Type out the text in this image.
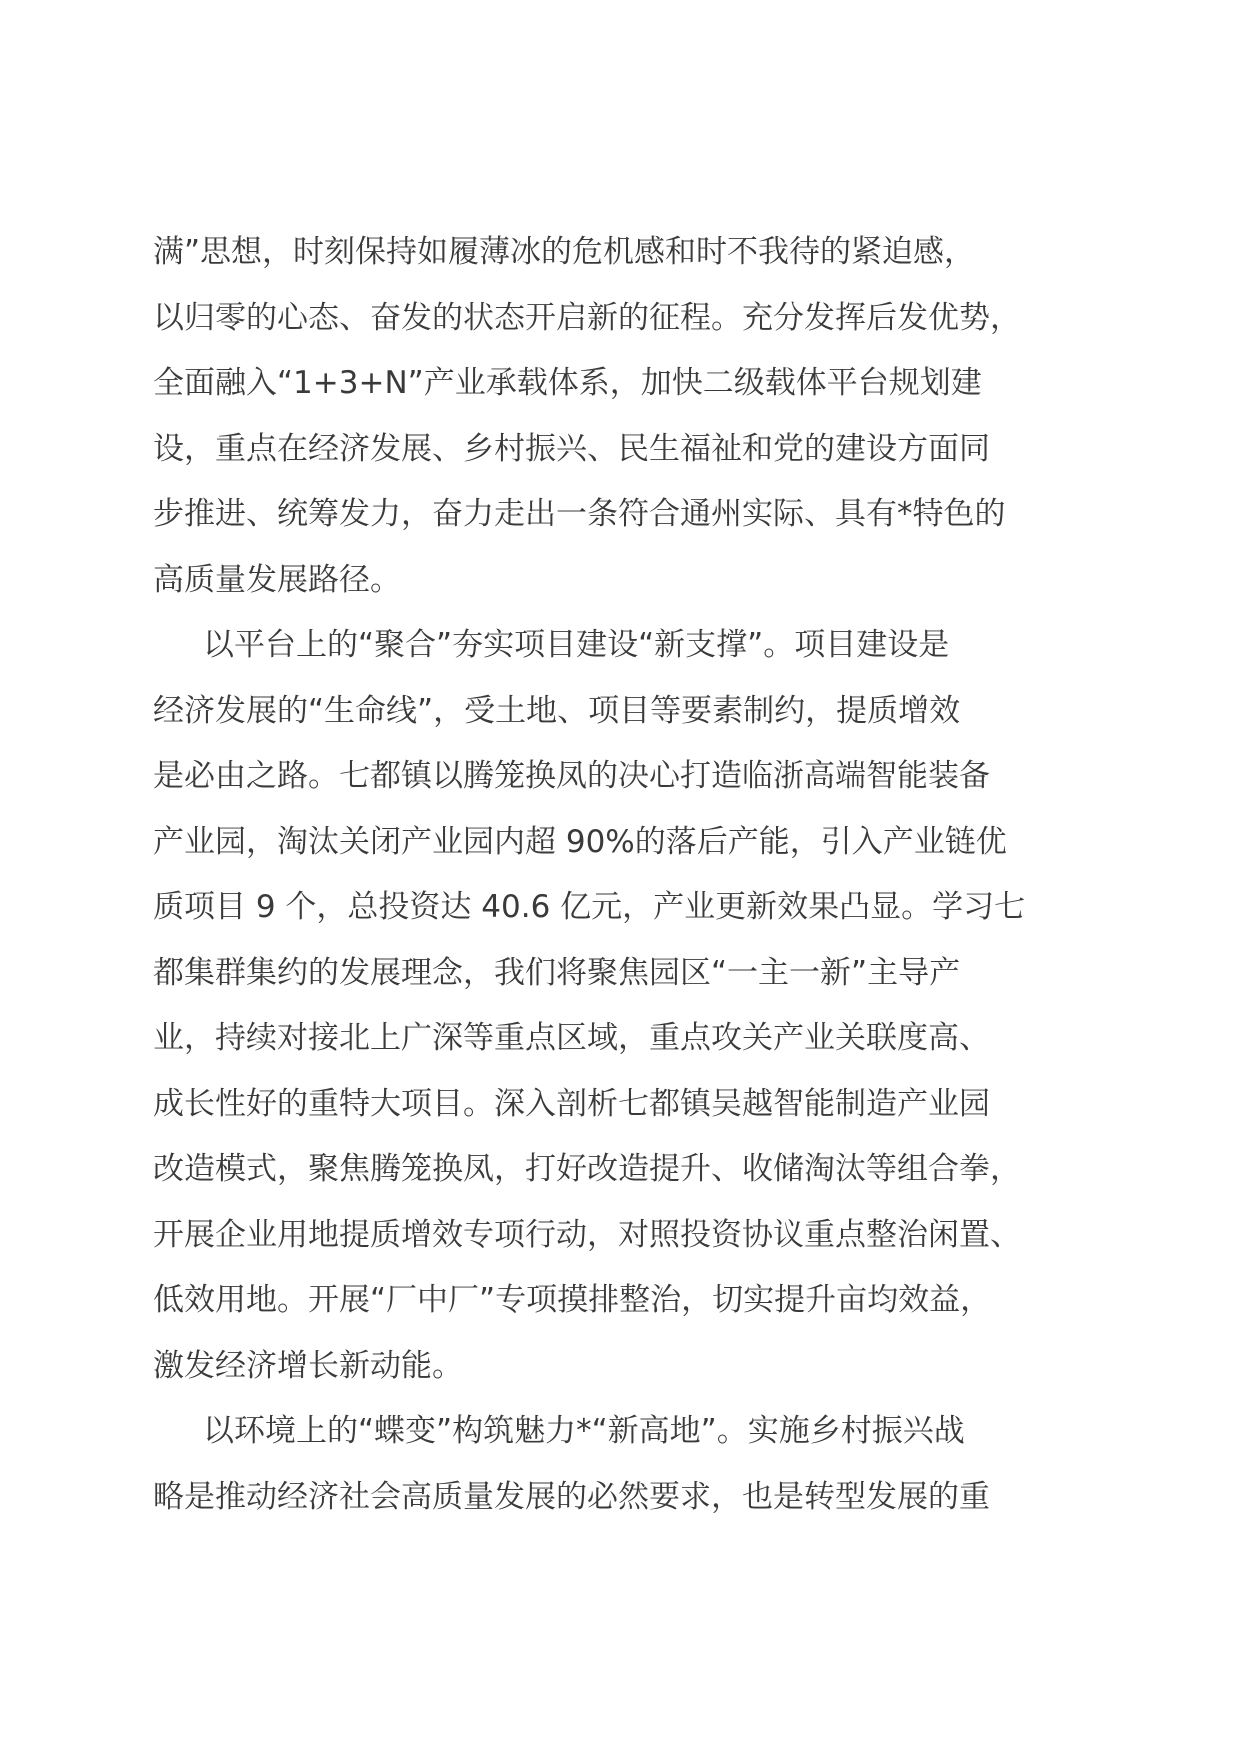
满”思想，时刻保持如履薄冰的危机感和时不我待的紧迫感，
以归零的心态、奋发的状态开启新的征程。充分发挥后发优势，
全面融入“1+3+N”产业承载体系，加快二级载体平台规划建
设，重点在经济发展、乡村振兴、民生福祉和党的建设方面同
步推进、统筹发力，奋力走出一条符合通州实际、具有*特色的
高质量发展路径。
以平台上的“聚合”夯实项目建设“新支撑”。项目建设是
经济发展的“生命线”，受土地、项目等要素制约，提质增效
是必由之路。七都镇以腾笼换凤的决心打造临浙高端智能装备
产业园，淘汰关闭产业园内超 90%的落后产能，引入产业链优
质项目 9 个，总投资达 40.6 亿元，产业更新效果凸显。学习七
都集群集约的发展理念，我们将聚焦园区“一主一新”主导产
业，持续对接北上广深等重点区域，重点攻关产业关联度高、
成长性好的重特大项目。深入剖析七都镇吴越智能制造产业园
改造模式，聚焦腾笼换凤，打好改造提升、收储淘汰等组合拳，
开展企业用地提质增效专项行动，对照投资协议重点整治闲置、
低效用地。开展“厂中厂”专项摸排整治，切实提升亩均效益，
激发经济增长新动能。
以环境上的“蝶变”构筑魅力*“新高地”。实施乡村振兴战
略是推动经济社会高质量发展的必然要求，也是转型发展的重
